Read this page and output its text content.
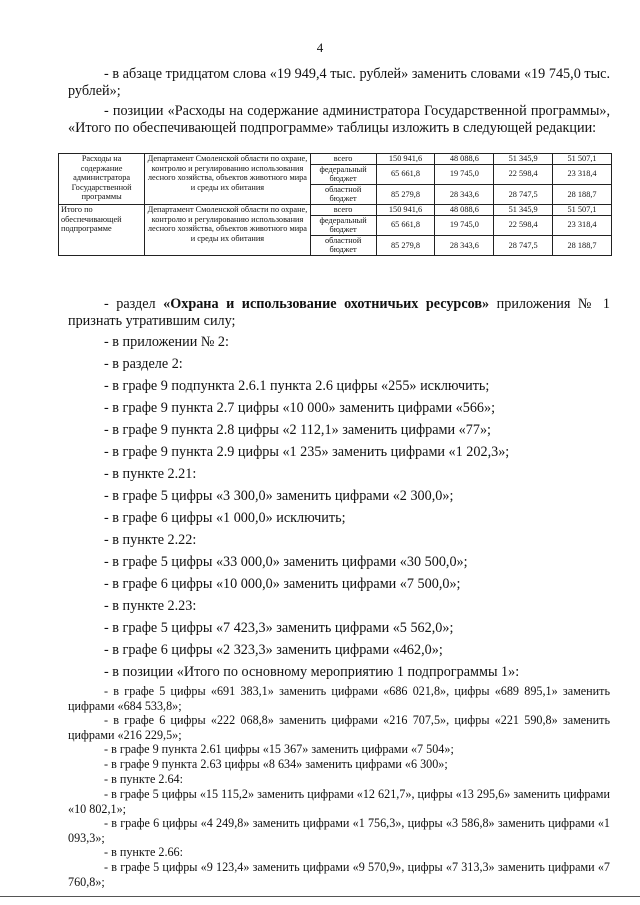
4

- в абзаце тридцатом слова «19 949,4 тыс. рублей» заменить словами «19 745,0 тыс. рублей»;

- позиции «Расходы на содержание администратора Государственной программы», «Итого по обеспечивающей подпрограмме» таблицы изложить в следующей редакции:

Расходы на содержание администратора Государственной программы	Департамент Смоленской области по охране, контролю и регулированию использования лесного хозяйства, объектов животного мира и среды их обитания	всего	150 941,6	48 088,6	51 345,9	51 507,1
		федеральный бюджет	65 661,8	19 745,0	22 598,4	23 318,4
		областной бюджет	85 279,8	28 343,6	28 747,5	28 188,7
Итого по обеспечивающей подпрограмме	Департамент Смоленской области по охране, контролю и регулированию использования лесного хозяйства, объектов животного мира и среды их обитания	всего	150 941,6	48 088,6	51 345,9	51 507,1
		федеральный бюджет	65 661,8	19 745,0	22 598,4	23 318,4
		областной бюджет	85 279,8	28 343,6	28 747,5	28 188,7

- раздел «Охрана и использование охотничьих ресурсов» приложения № 1 признать утратившим силу;

- в приложении № 2:

- в разделе 2:

- в графе 9 подпункта 2.6.1 пункта 2.6 цифры «255» исключить;

- в графе 9 пункта 2.7 цифры «10 000» заменить цифрами «566»;

- в графе 9 пункта 2.8 цифры «2 112,1» заменить цифрами «77»;

- в графе 9 пункта 2.9 цифры «1 235» заменить цифрами «1 202,3»;

- в пункте 2.21:

- в графе 5 цифры «3 300,0» заменить цифрами «2 300,0»;

- в графе 6 цифры «1 000,0» исключить;

- в пункте 2.22:

- в графе 5 цифры «33 000,0» заменить цифрами «30 500,0»;

- в графе 6 цифры «10 000,0» заменить цифрами «7 500,0»;

- в пункте 2.23:

- в графе 5 цифры «7 423,3» заменить цифрами «5 562,0»;

- в графе 6 цифры «2 323,3» заменить цифрами «462,0»;

- в позиции «Итого по основному мероприятию 1 подпрограммы 1»:

- в графе 5 цифры «691 383,1» заменить цифрами «686 021,8», цифры «689 895,1» заменить цифрами «684 533,8»;

- в графе 6 цифры «222 068,8» заменить цифрами «216 707,5», цифры «221 590,8» заменить цифрами «216 229,5»;

- в графе 9 пункта 2.61 цифры «15 367» заменить цифрами «7 504»;

- в графе 9 пункта 2.63 цифры «8 634» заменить цифрами «6 300»;

- в пункте 2.64:

- в графе 5 цифры «15 115,2» заменить цифрами «12 621,7», цифры «13 295,6» заменить цифрами «10 802,1»;

- в графе 6 цифры «4 249,8» заменить цифрами «1 756,3», цифры «3 586,8» заменить цифрами «1 093,3»;

- в пункте 2.66:

- в графе 5 цифры «9 123,4» заменить цифрами «9 570,9», цифры «7 313,3» заменить цифрами «7 760,8»;
